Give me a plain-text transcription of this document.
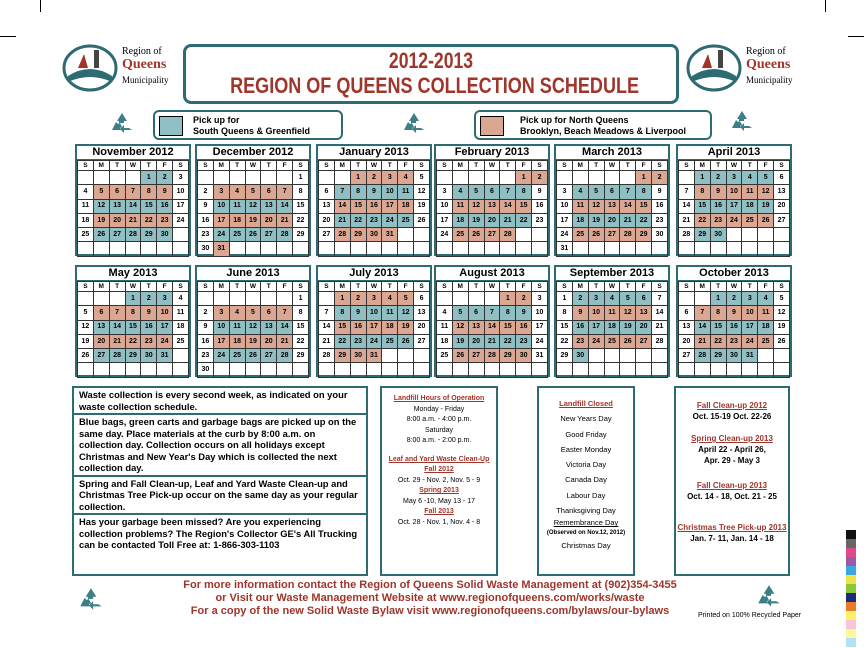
Region of
Queens
Municipality
Region of
Queens
Municipality
2012-2013
REGION OF QUEENS COLLECTION SCHEDULE
Pick up for
South Queens & Greenfield
Pick up for North Queens
Brooklyn, Beach Meadows & Liverpool
November 2012
S	M	T	W	T	F	S
				1	2	3
4	5	6	7	8	9	10
11	12	13	14	15	16	17
18	19	20	21	22	23	24
25	26	27	28	29	30	

December 2012
S	M	T	W	T	F	S
						1
2	3	4	5	6	7	8
9	10	11	12	13	14	15
16	17	18	19	20	21	22
23	24	25	26	27	28	29
30	31					
January 2013
S	M	T	W	T	F	S
		1	2	3	4	5
6	7	8	9	10	11	12
13	14	15	16	17	18	19
20	21	22	23	24	25	26
27	28	29	30	31		

February 2013
S	M	T	W	T	F	S
					1	2
3	4	5	6	7	8	9
10	11	12	13	14	15	16
17	18	19	20	21	22	23
24	25	26	27	28		

March 2013
S	M	T	W	T	F	S
					1	2
3	4	5	6	7	8	9
10	11	12	13	14	15	16
17	18	19	20	21	22	23
24	25	26	27	28	29	30
31						
April 2013
S	M	T	W	T	F	S
	1	2	3	4	5	6
7	8	9	10	11	12	13
14	15	16	17	18	19	20
21	22	23	24	25	26	27
28	29	30				

May 2013
S	M	T	W	T	F	S
			1	2	3	4
5	6	7	8	9	10	11
12	13	14	15	16	17	18
19	20	21	22	23	24	25
26	27	28	29	30	31	

June 2013
S	M	T	W	T	F	S
						1
2	3	4	5	6	7	8
9	10	11	12	13	14	15
16	17	18	19	20	21	22
23	24	25	26	27	28	29
30						
July 2013
S	M	T	W	T	F	S
	1	2	3	4	5	6
7	8	9	10	11	12	13
14	15	16	17	18	19	20
21	22	23	24	25	26	27
28	29	30	31			

August 2013
S	M	T	W	T	F	S
				1	2	3
4	5	6	7	8	9	10
11	12	13	14	15	16	17
18	19	20	21	22	23	24
25	26	27	28	29	30	31

September 2013
S	M	T	W	T	F	S
1	2	3	4	5	6	7
8	9	10	11	12	13	14
15	16	17	18	19	20	21
22	23	24	25	26	27	28
29	30					

October 2013
S	M	T	W	T	F	S
		1	2	3	4	5
6	7	8	9	10	11	12
13	14	15	16	17	18	19
20	21	22	23	24	25	26
27	28	29	30	31		

Waste collection is every second week, as indicated on your waste collection schedule.
Blue bags, green carts and garbage bags are picked up on the same day. Place materials at the curb by 8:00 a.m. on collection day. Collection occurs on all holidays except Christmas and New Year's Day which is collected the next collection day.
Spring and Fall Clean-up, Leaf and Yard Waste Clean-up and Christmas Tree Pick-up occur on the same day as your regular collection.
Has your garbage been missed? Are you experiencing collection problems? The Region's Collector GE's All Trucking can be contacted Toll Free at: 1-866-303-1103
Landfill Hours of Operation
Monday - Friday
8:00 a.m. - 4:00 p.m.
Saturday
8:00 a.m. - 2:00 p.m.
Leaf and Yard Waste Clean-Up
Fall 2012
Oct. 29 - Nov. 2, Nov. 5 - 9
Spring 2013
May 6 -10, May 13 - 17
Fall 2013
Oct. 28 - Nov. 1, Nov. 4 - 8
Landfill Closed
New Years Day
Good Friday
Easter Monday
Victoria Day
Canada Day
Labour Day
Thanksgiving Day
Remembrance Day
(Observed on Nov.12, 2012)
Christmas Day
Fall Clean-up 2012
Oct. 15-19 Oct. 22-26
Spring Clean-up 2013
April 22 - April 26,
Apr. 29 - May 3
Fall Clean-up 2013
Oct. 14 - 18, Oct. 21 - 25
Christmas Tree Pick-up 2013
Jan. 7- 11, Jan. 14 - 18
For more information contact the Region of Queens Solid Waste Management at (902)354-3455
or Visit our Waste Management Website at www.regionofqueens.com/works/waste
For a copy of the new Solid Waste Bylaw visit www.regionofqueens.com/bylaws/our-bylaws	Printed on 100% Recycled Paper
